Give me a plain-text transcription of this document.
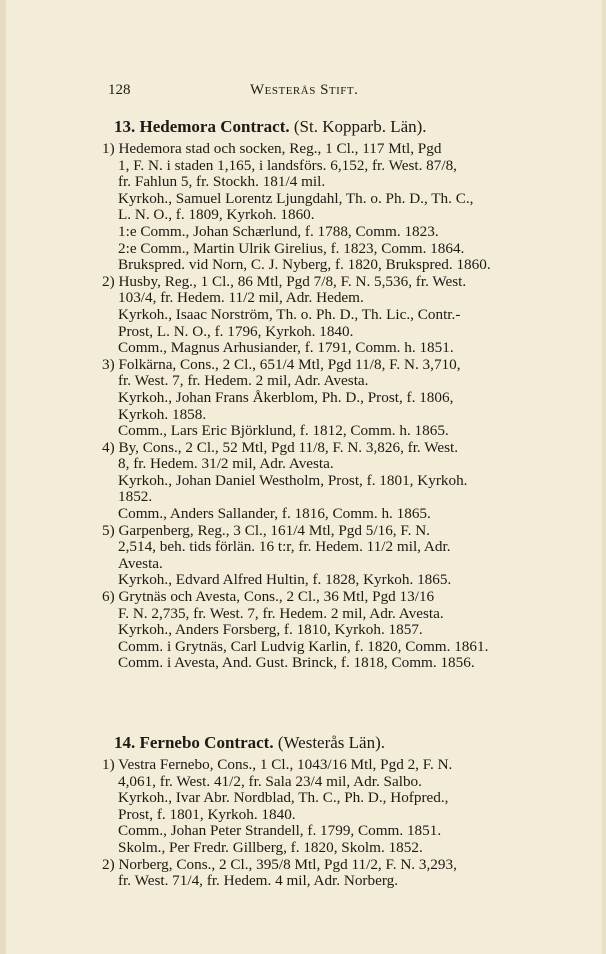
128	Westerås Stift.
13. Hedemora Contract. (St. Kopparb. Län).
1) Hedemora stad och socken, Reg., 1 Cl., 117 Mtl, Pgd
1, F. N. i staden 1,165, i landsförs. 6,152, fr. West. 87/8,
fr. Fahlun 5, fr. Stockh. 181/4 mil.
Kyrkoh., Samuel Lorentz Ljungdahl, Th. o. Ph. D., Th. C.,
L. N. O., f. 1809, Kyrkoh. 1860.
1:e Comm., Johan Schærlund, f. 1788, Comm. 1823.
2:e Comm., Martin Ulrik Girelius, f. 1823, Comm. 1864.
Brukspred. vid Norn, C. J. Nyberg, f. 1820, Brukspred. 1860.
2) Husby, Reg., 1 Cl., 86 Mtl, Pgd 7/8, F. N. 5,536, fr. West.
103/4, fr. Hedem. 11/2 mil, Adr. Hedem.
Kyrkoh., Isaac Norström, Th. o. Ph. D., Th. Lic., Contr.-
Prost, L. N. O., f. 1796, Kyrkoh. 1840.
Comm., Magnus Arhusiander, f. 1791, Comm. h. 1851.
3) Folkärna, Cons., 2 Cl., 651/4 Mtl, Pgd 11/8, F. N. 3,710,
fr. West. 7, fr. Hedem. 2 mil, Adr. Avesta.
Kyrkoh., Johan Frans Åkerblom, Ph. D., Prost, f. 1806,
Kyrkoh. 1858.
Comm., Lars Eric Björklund, f. 1812, Comm. h. 1865.
4) By, Cons., 2 Cl., 52 Mtl, Pgd 11/8, F. N. 3,826, fr. West.
8, fr. Hedem. 31/2 mil, Adr. Avesta.
Kyrkoh., Johan Daniel Westholm, Prost, f. 1801, Kyrkoh.
1852.
Comm., Anders Sallander, f. 1816, Comm. h. 1865.
5) Garpenberg, Reg., 3 Cl., 161/4 Mtl, Pgd 5/16, F. N.
2,514, beh. tids förlän. 16 t:r, fr. Hedem. 11/2 mil, Adr.
Avesta.
Kyrkoh., Edvard Alfred Hultin, f. 1828, Kyrkoh. 1865.
6) Grytnäs och Avesta, Cons., 2 Cl., 36 Mtl, Pgd 13/16
F. N. 2,735, fr. West. 7, fr. Hedem. 2 mil, Adr. Avesta.
Kyrkoh., Anders Forsberg, f. 1810, Kyrkoh. 1857.
Comm. i Grytnäs, Carl Ludvig Karlin, f. 1820, Comm. 1861.
Comm. i Avesta, And. Gust. Brinck, f. 1818, Comm. 1856.
14. Fernebo Contract. (Westerås Län).
1) Vestra Fernebo, Cons., 1 Cl., 1043/16 Mtl, Pgd 2, F. N.
4,061, fr. West. 41/2, fr. Sala 23/4 mil, Adr. Salbo.
Kyrkoh., Ivar Abr. Nordblad, Th. C., Ph. D., Hofpred.,
Prost, f. 1801, Kyrkoh. 1840.
Comm., Johan Peter Strandell, f. 1799, Comm. 1851.
Skolm., Per Fredr. Gillberg, f. 1820, Skolm. 1852.
2) Norberg, Cons., 2 Cl., 395/8 Mtl, Pgd 11/2, F. N. 3,293,
fr. West. 71/4, fr. Hedem. 4 mil, Adr. Norberg.
